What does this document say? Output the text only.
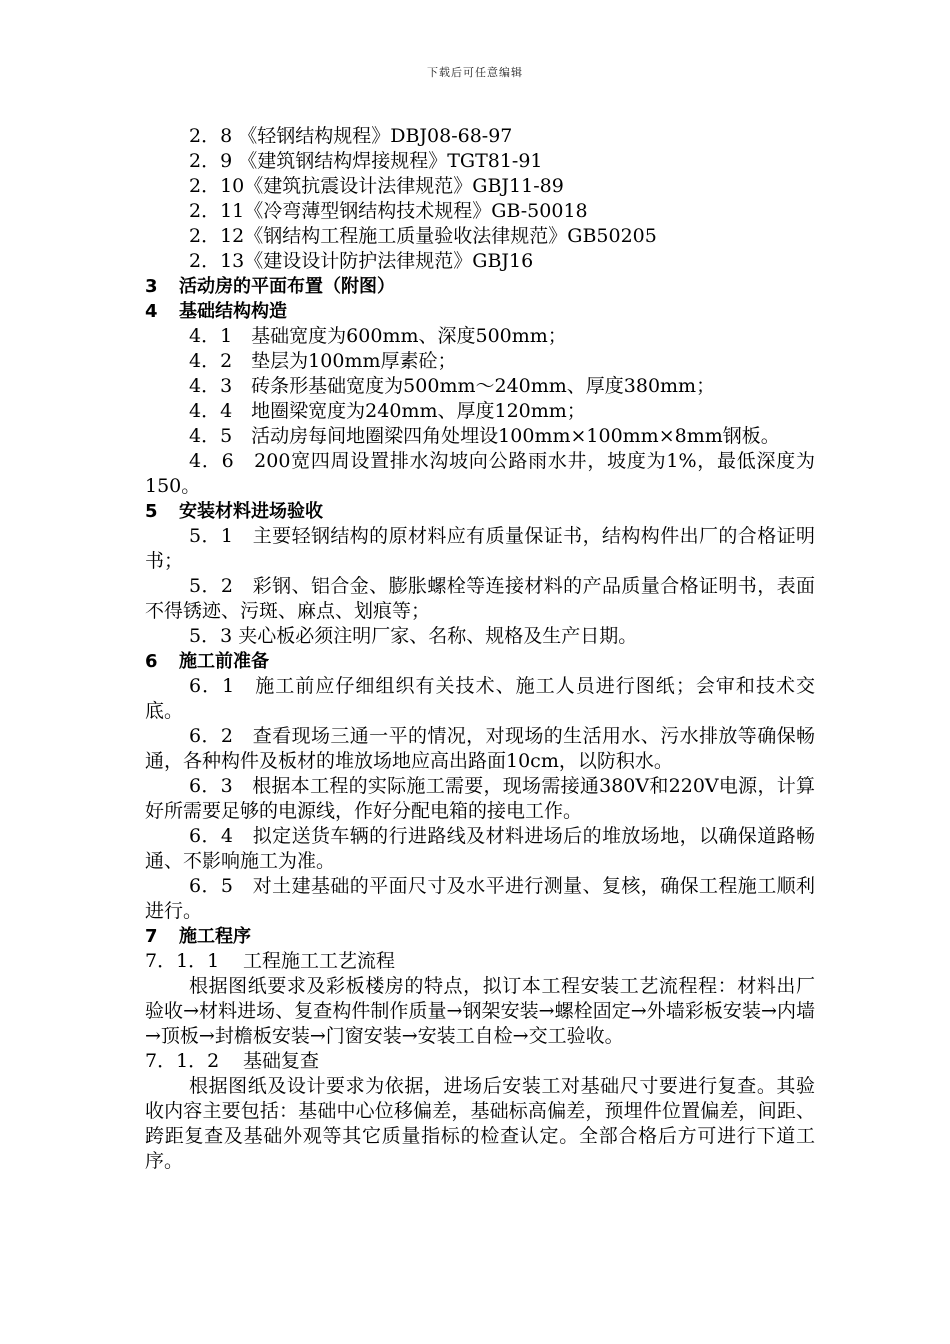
下载后可任意编辑
2．8 《轻钢结构规程》DBJ08-68-97
2．9 《建筑钢结构焊接规程》TGT81-91
2．10《建筑抗震设计法律规范》GBJ11-89
2．11《冷弯薄型钢结构技术规程》GB-50018
2．12《钢结构工程施工质量验收法律规范》GB50205
2．13《建设设计防护法律规范》GBJ16
3 活动房的平面布置（附图）
4 基础结构构造
4．1　基础宽度为600mm、深度500mm；
4．2　垫层为100mm厚素砼；
4．3　砖条形基础宽度为500mm～240mm、厚度380mm；
4．4　地圈梁宽度为240mm、厚度120mm；
4．5　活动房每间地圈梁四角处埋设100mm×100mm×8mm钢板。
4．6　200宽四周设置排水沟坡向公路雨水井，坡度为1%，最低深度为150。
5 安装材料进场验收
5．1　主要轻钢结构的原材料应有质量保证书，结构构件出厂的合格证明书；
5．2　彩钢、铝合金、膨胀螺栓等连接材料的产品质量合格证明书，表面不得锈迹、污斑、麻点、划痕等；
5．3 夹心板必须注明厂家、名称、规格及生产日期。
6 施工前准备
6．1　施工前应仔细组织有关技术、施工人员进行图纸；会审和技术交底。
6．2　查看现场三通一平的情况，对现场的生活用水、污水排放等确保畅通，各种构件及板材的堆放场地应高出路面10cm，以防积水。
6．3　根据本工程的实际施工需要，现场需接通380V和220V电源，计算好所需要足够的电源线，作好分配电箱的接电工作。
6．4　拟定送货车辆的行进路线及材料进场后的堆放场地，以确保道路畅通、不影响施工为准。
6．5　对土建基础的平面尺寸及水平进行测量、复核，确保工程施工顺利进行。
7 施工程序
7．1．1 工程施工工艺流程
根据图纸要求及彩板楼房的特点，拟订本工程安装工艺流程程：材料出厂验收→材料进场、复查构件制作质量→钢架安装→螺栓固定→外墙彩板安装→内墙→顶板→封檐板安装→门窗安装→安装工自检→交工验收。
7．1．2 基础复查
根据图纸及设计要求为依据，进场后安装工对基础尺寸要进行复查。其验收内容主要包括：基础中心位移偏差，基础标高偏差，预埋件位置偏差，间距、跨距复查及基础外观等其它质量指标的检查认定。全部合格后方可进行下道工序。
